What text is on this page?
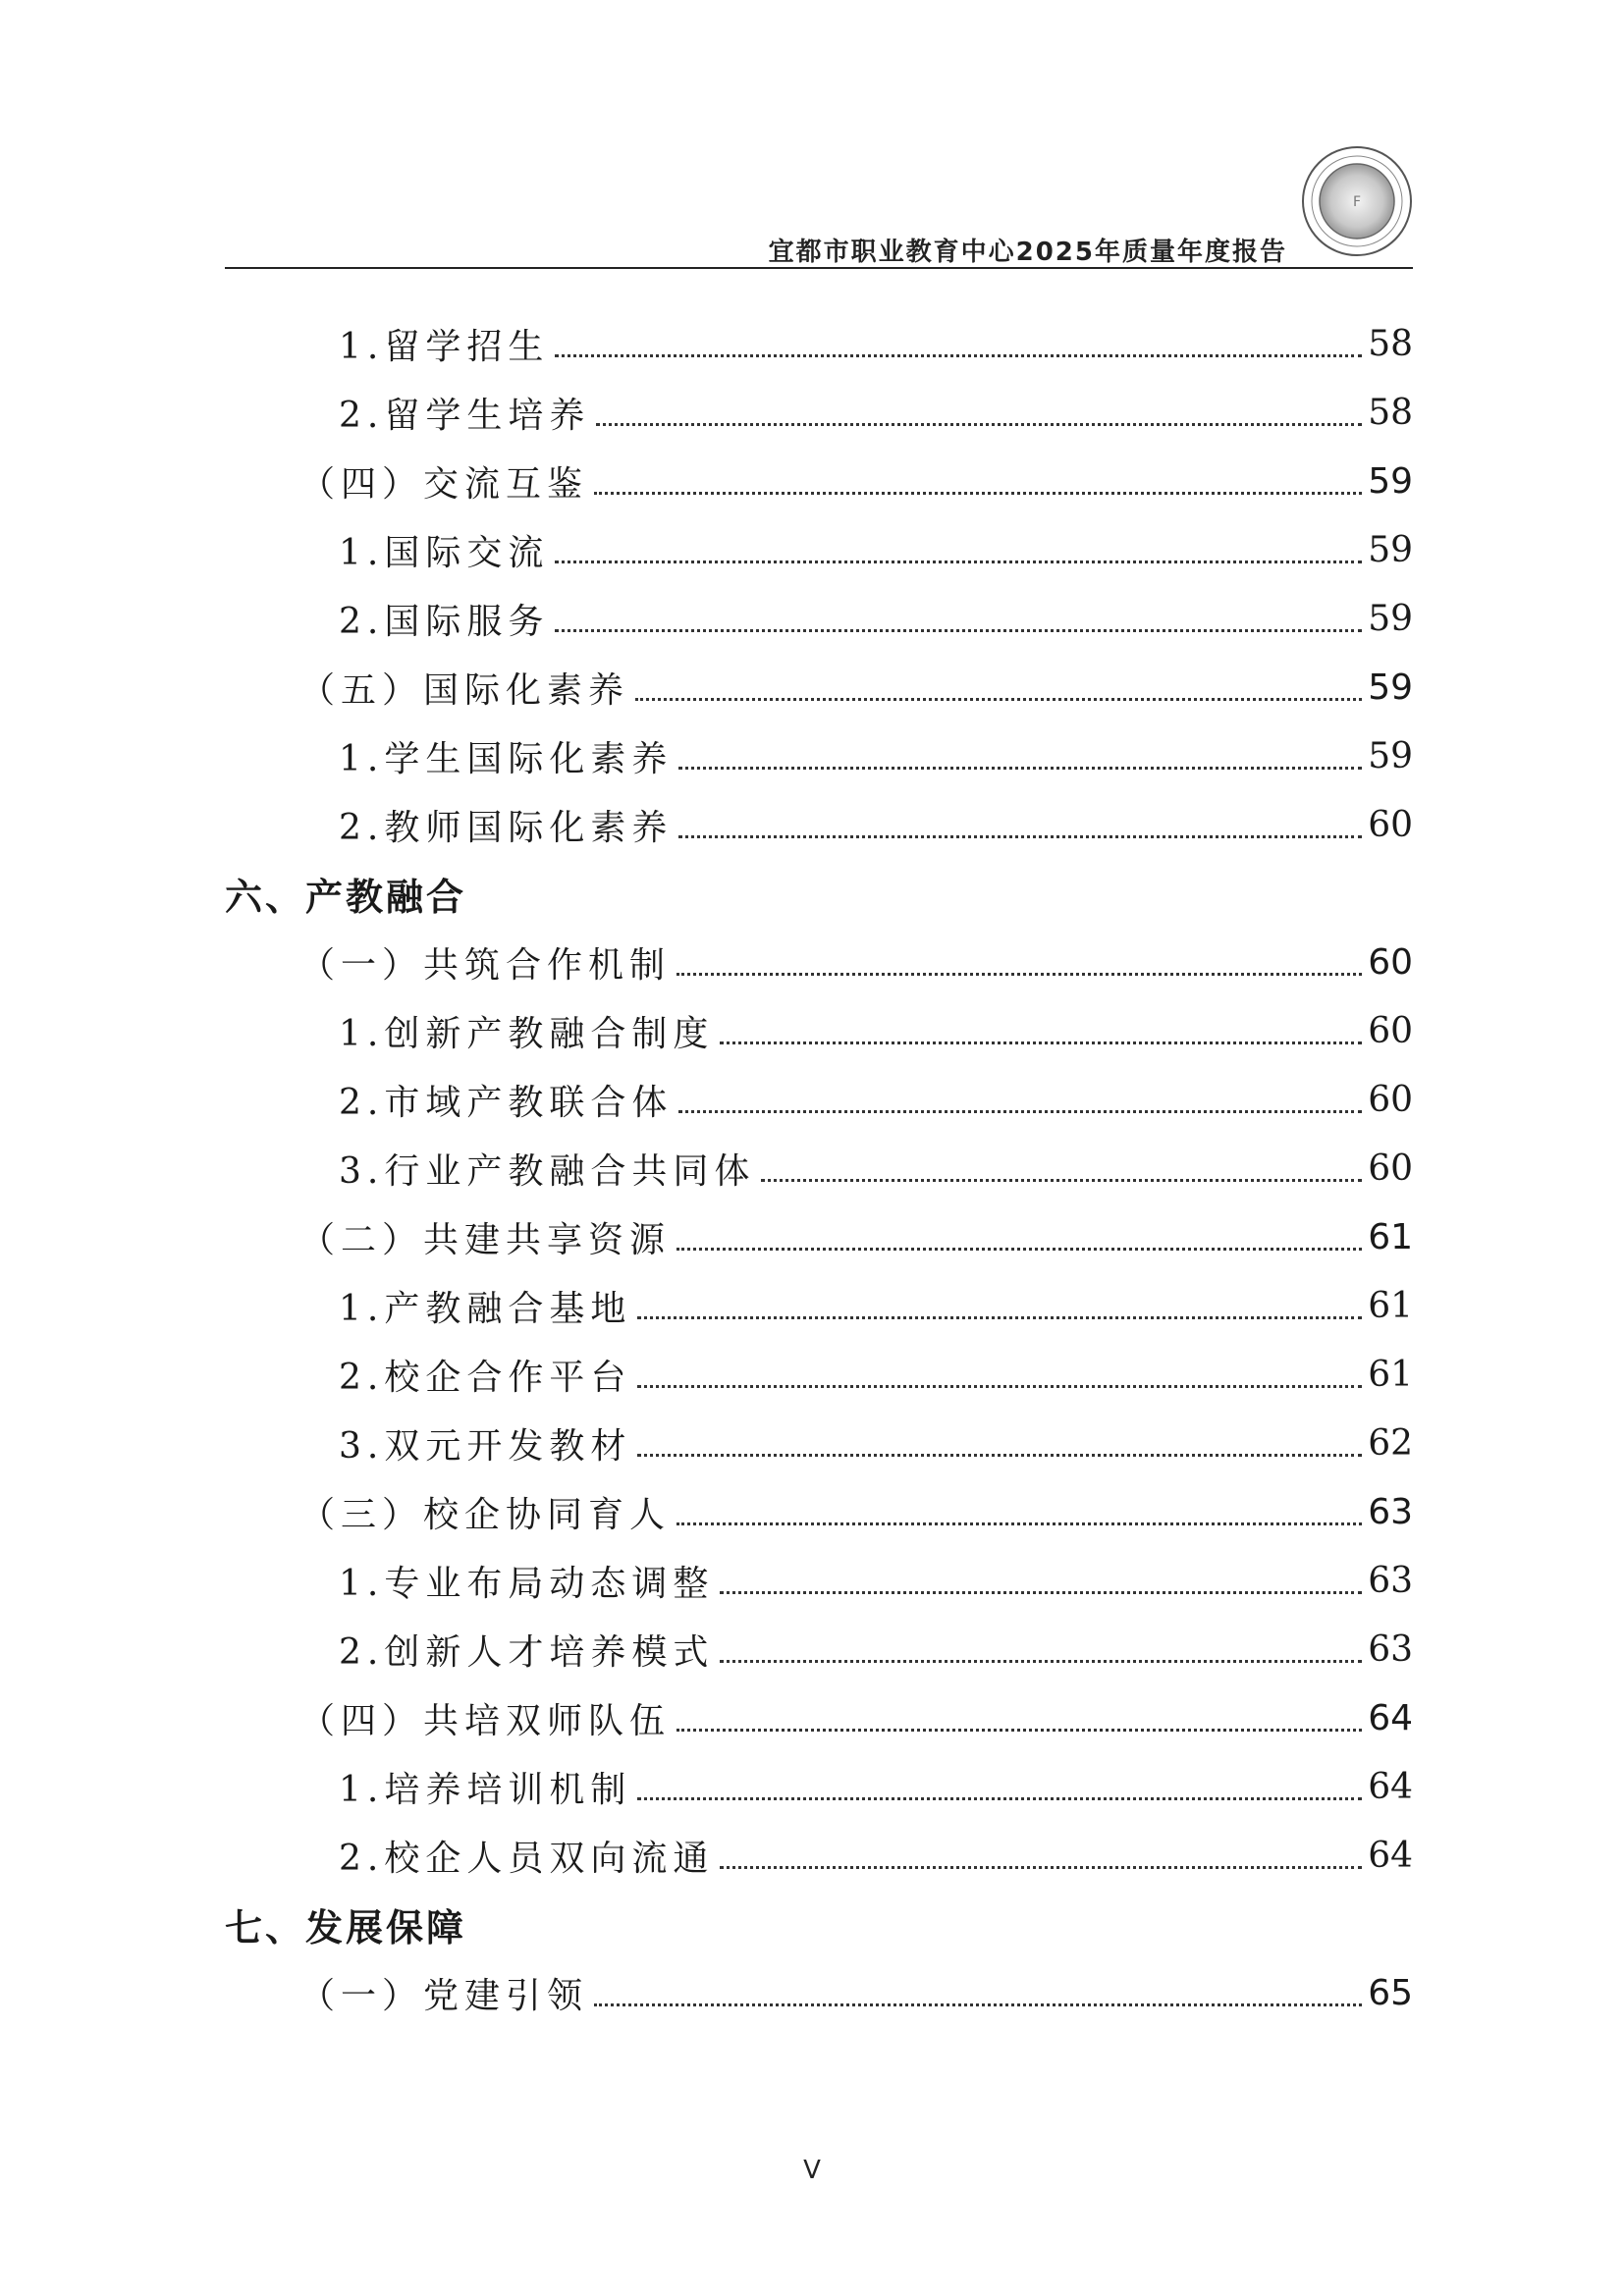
F
宜都市职业教育中心2025年质量年度报告
1.留学招生	58
2.留学生培养	58
（四）交流互鉴	59
1.国际交流	59
2.国际服务	59
（五）国际化素养	59
1.学生国际化素养	59
2.教师国际化素养	60
六、产教融合
（一）共筑合作机制	60
1.创新产教融合制度	60
2.市域产教联合体	60
3.行业产教融合共同体	60
（二）共建共享资源	61
1.产教融合基地	61
2.校企合作平台	61
3.双元开发教材	62
（三）校企协同育人	63
1.专业布局动态调整	63
2.创新人才培养模式	63
（四）共培双师队伍	64
1.培养培训机制	64
2.校企人员双向流通	64
七、发展保障
（一）党建引领	65
V
